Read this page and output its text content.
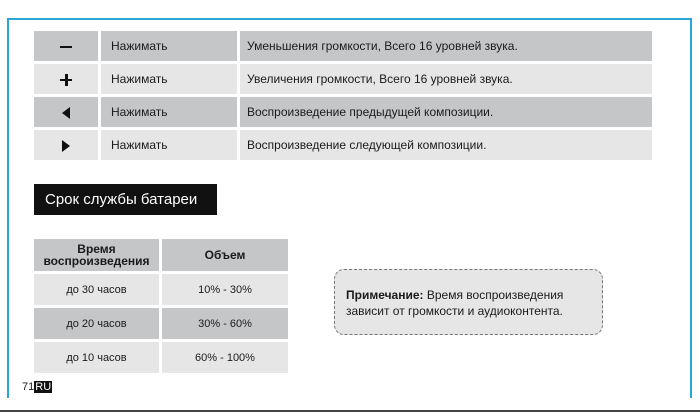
	Нажимать	Уменьшения громкости, Всего 16 уровней звука.
	Нажимать	Увеличения громкости, Всего 16 уровней звука.
	Нажимать	Воспроизведение предыдущей композиции.
	Нажимать	Воспроизведение следующей композиции.
Срок службы батареи
Время воспроизведения	Объем
до 30 часов	10% - 30%
до 20 часов	30% - 60%
до 10 часов	60% - 100%
Примечание: Время воспроизведения зависит от громкости и аудиоконтента.
71RU
